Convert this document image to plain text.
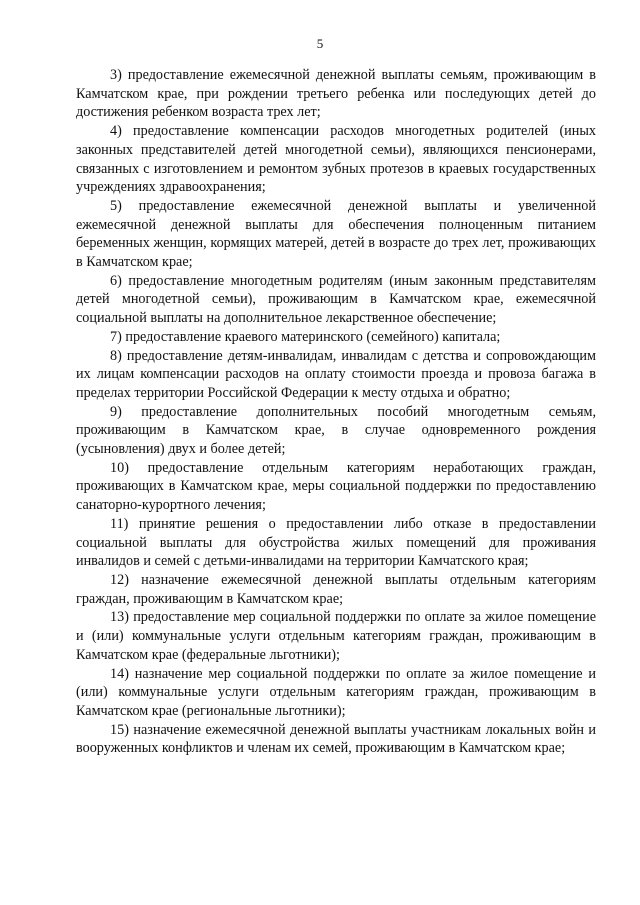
5

3) предоставление ежемесячной денежной выплаты семьям, проживающим в Камчатском крае, при рождении третьего ребенка или последующих детей до достижения ребенком возраста трех лет;

4) предоставление компенсации расходов многодетных родителей (иных законных представителей детей многодетной семьи), являющихся пенсионерами, связанных с изготовлением и ремонтом зубных протезов в краевых государственных учреждениях здравоохранения;

5) предоставление ежемесячной денежной выплаты и увеличенной ежемесячной денежной выплаты для обеспечения полноценным питанием беременных женщин, кормящих матерей, детей в возрасте до трех лет, проживающих в Камчатском крае;

6) предоставление многодетным родителям (иным законным представителям детей многодетной семьи), проживающим в Камчатском крае, ежемесячной социальной выплаты на дополнительное лекарственное обеспечение;

7) предоставление краевого материнского (семейного) капитала;

8) предоставление детям-инвалидам, инвалидам с детства и сопровождающим их лицам компенсации расходов на оплату стоимости проезда и провоза багажа в пределах территории Российской Федерации к месту отдыха и обратно;

9) предоставление дополнительных пособий многодетным семьям, проживающим в Камчатском крае, в случае одновременного рождения (усыновления) двух и более детей;

10) предоставление отдельным категориям неработающих граждан, проживающих в Камчатском крае, меры социальной поддержки по предоставлению санаторно-курортного лечения;

11) принятие решения о предоставлении либо отказе в предоставлении социальной выплаты для обустройства жилых помещений для проживания инвалидов и семей с детьми-инвалидами на территории Камчатского края;

12) назначение ежемесячной денежной выплаты отдельным категориям граждан, проживающим в Камчатском крае;

13) предоставление мер социальной поддержки по оплате за жилое помещение и (или) коммунальные услуги отдельным категориям граждан, проживающим в Камчатском крае (федеральные льготники);

14) назначение мер социальной поддержки по оплате за жилое помещение и (или) коммунальные услуги отдельным категориям граждан, проживающим в Камчатском крае (региональные льготники);

15) назначение ежемесячной денежной выплаты участникам локальных войн и вооруженных конфликтов и членам их семей, проживающим в Камчатском крае;
